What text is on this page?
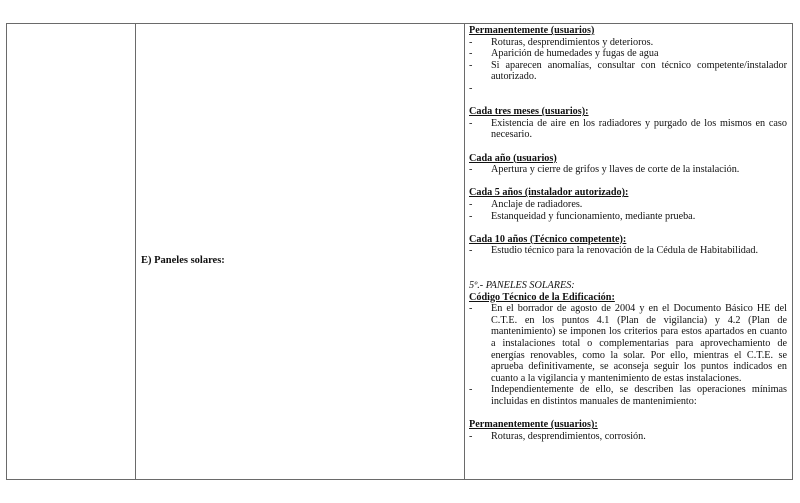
E) Paneles solares:
Permanentemente (usuarios)
- Roturas, desprendimientos y deterioros.
- Aparición de humedades y fugas de agua
- Si aparecen anomalías, consultar con técnico competente/instalador autorizado.
-
Cada tres meses (usuarios):
- Existencia de aire en los radiadores y purgado de los mismos en caso necesario.
Cada año (usuarios)
- Apertura y cierre de grifos y llaves de corte de la instalación.
Cada 5 años (instalador autorizado):
- Anclaje de radiadores.
- Estanqueidad y funcionamiento, mediante prueba.
Cada 10 años (Técnico competente):
- Estudio técnico para la renovación de la Cédula de Habitabilidad.
5º.- PANELES SOLARES:
Código Técnico de la Edificación:
- En el borrador de agosto de 2004 y en el Documento Básico HE del C.T.E. en los puntos 4.1 (Plan de vigilancia) y 4.2 (Plan de mantenimiento) se imponen los criterios para estos apartados en cuanto a instalaciones total o complementarias para aprovechamiento de energías renovables, como la solar. Por ello, mientras el C.T.E. se aprueba definitivamente, se aconseja seguir los puntos indicados en cuanto a la vigilancia y mantenimiento de estas instalaciones.
- Independientemente de ello, se describen las operaciones mínimas incluidas en distintos manuales de mantenimiento:
Permanentemente (usuarios):
- Roturas, desprendimientos, corrosión.
